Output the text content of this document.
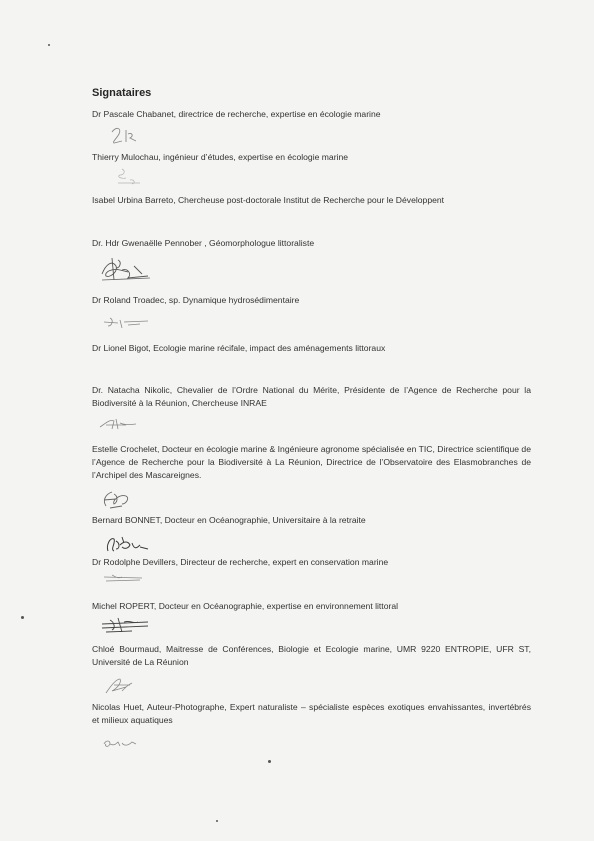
Signataires
Dr Pascale Chabanet, directrice de recherche, expertise en écologie marine
Thierry Mulochau, ingénieur d’études, expertise en écologie marine
Isabel Urbina Barreto, Chercheuse post-doctorale Institut de Recherche pour le Développent
Dr. Hdr Gwenaëlle Pennober , Géomorphologue littoraliste
Dr Roland Troadec, sp. Dynamique hydrosédimentaire
Dr Lionel Bigot, Ecologie marine récifale, impact des aménagements littoraux
Dr. Natacha Nikolic, Chevalier de l’Ordre National du Mérite, Présidente de l’Agence de Recherche pour la Biodiversité à la Réunion, Chercheuse INRAE
Estelle Crochelet, Docteur en écologie marine & Ingénieure agronome spécialisée en TIC, Directrice scientifique de l’Agence de Recherche pour la Biodiversité à La Réunion, Directrice de l’Observatoire des Elasmobranches de l’Archipel des Mascareignes.
Bernard BONNET, Docteur en Océanographie, Universitaire à la retraite
Dr Rodolphe Devillers, Directeur de recherche, expert en conservation marine
Michel ROPERT, Docteur en Océanographie, expertise en environnement littoral
Chloé Bourmaud, Maitresse de Conférences, Biologie et Ecologie marine, UMR 9220 ENTROPIE, UFR ST, Université de La Réunion
Nicolas Huet, Auteur-Photographe, Expert naturaliste – spécialiste espèces exotiques envahissantes, invertébrés et milieux aquatiques
